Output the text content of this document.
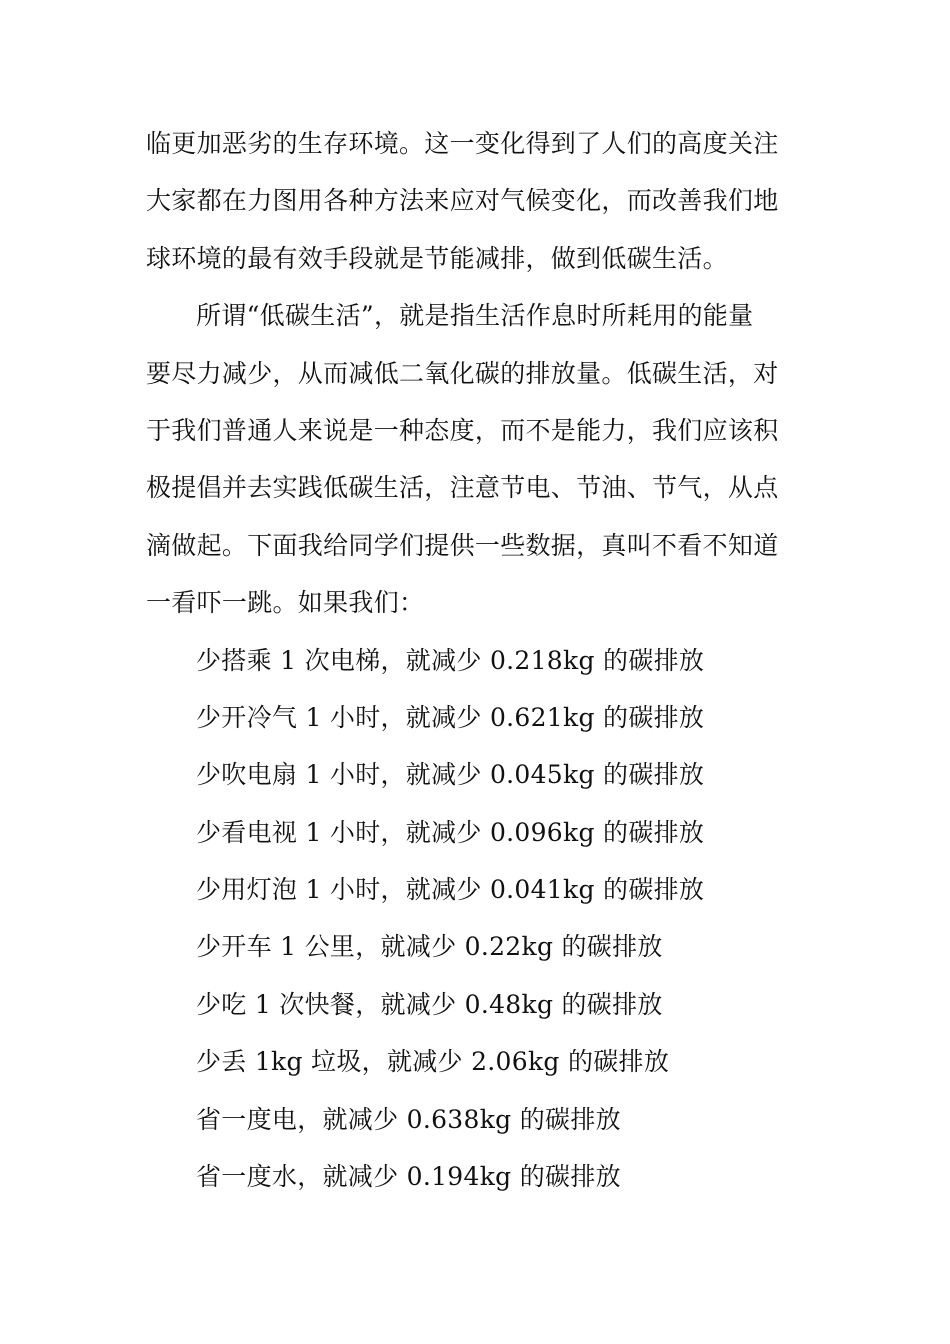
临更加恶劣的生存环境。这一变化得到了人们的高度关注
大家都在力图用各种方法来应对气候变化，而改善我们地
球环境的最有效手段就是节能减排，做到低碳生活。
所谓“低碳生活”，就是指生活作息时所耗用的能量
要尽力减少，从而减低二氧化碳的排放量。低碳生活，对
于我们普通人来说是一种态度，而不是能力，我们应该积
极提倡并去实践低碳生活，注意节电、节油、节气，从点
滴做起。下面我给同学们提供一些数据，真叫不看不知道
一看吓一跳。如果我们：
少搭乘 1 次电梯，就减少 0.218kg 的碳排放
少开冷气 1 小时，就减少 0.621kg 的碳排放
少吹电扇 1 小时，就减少 0.045kg 的碳排放
少看电视 1 小时，就减少 0.096kg 的碳排放
少用灯泡 1 小时，就减少 0.041kg 的碳排放
少开车 1 公里，就减少 0.22kg 的碳排放
少吃 1 次快餐，就减少 0.48kg 的碳排放
少丢 1kg 垃圾，就减少 2.06kg 的碳排放
省一度电，就减少 0.638kg 的碳排放
省一度水，就减少 0.194kg 的碳排放
